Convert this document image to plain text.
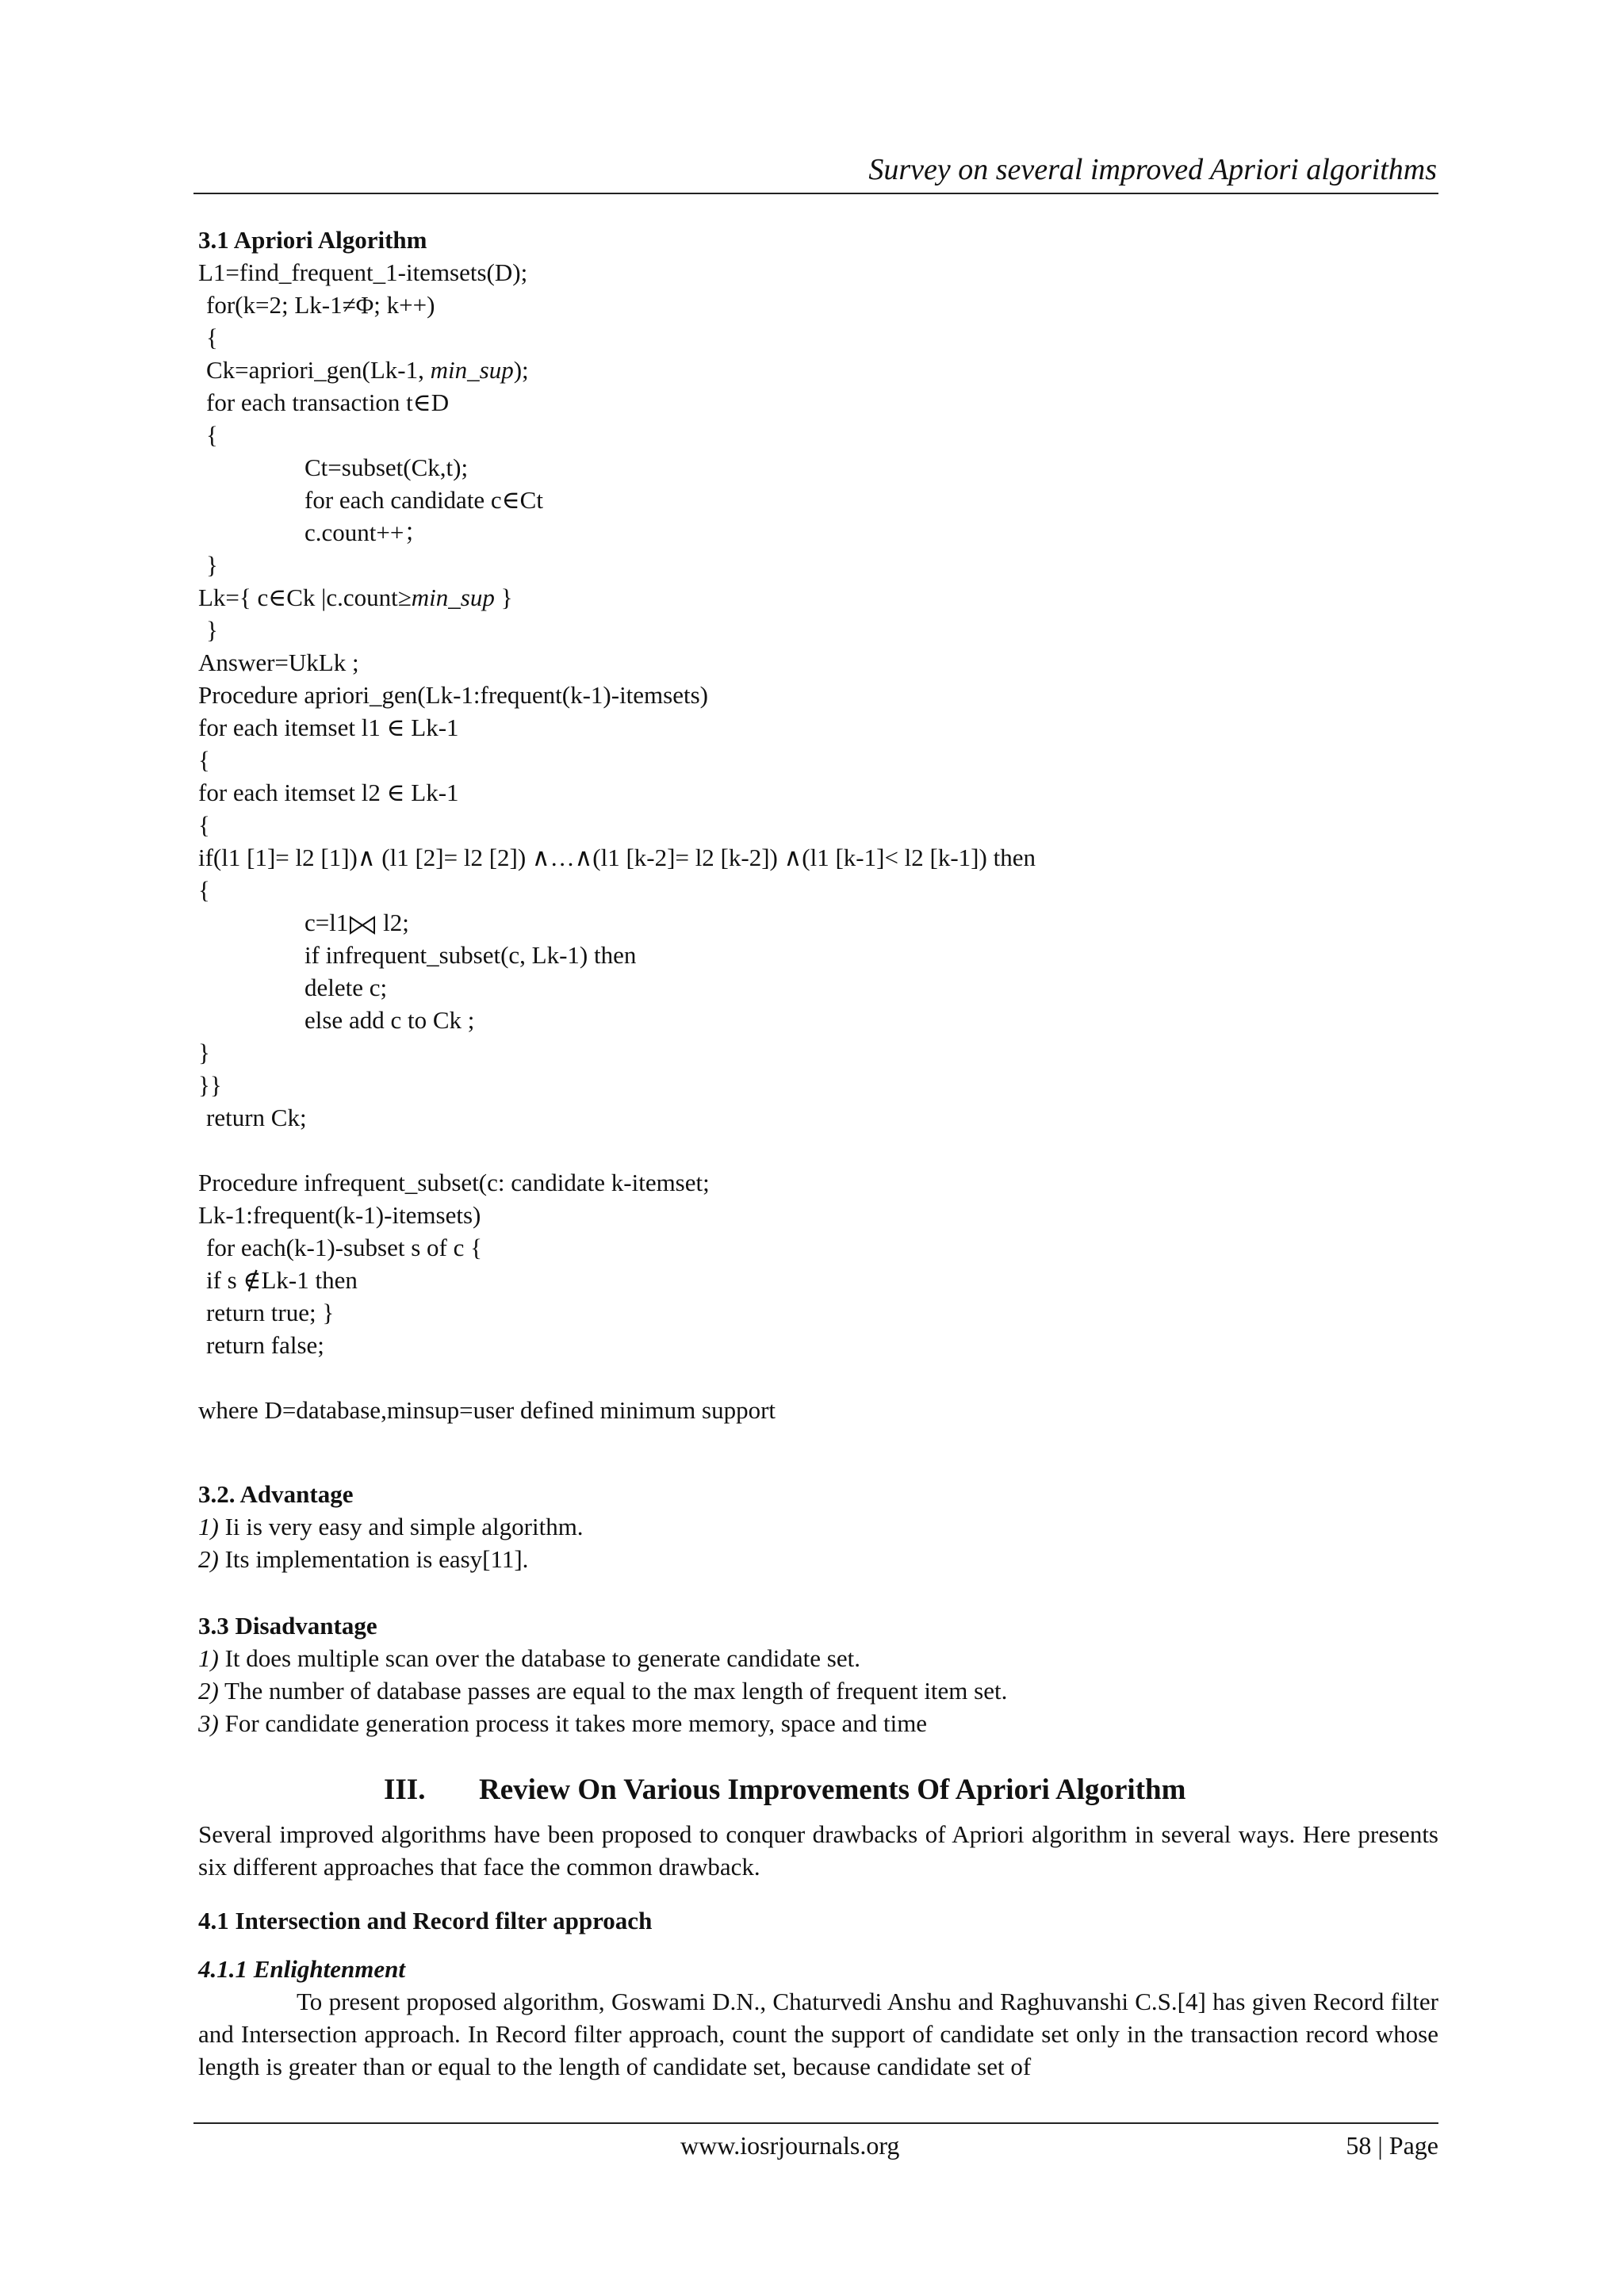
Survey on several improved Apriori algorithms
3.1 Apriori Algorithm
L1=find_frequent_1-itemsets(D);
for(k=2; Lk-1≠Φ; k++)
{
Ck=apriori_gen(Lk-1, min_sup);
for each transaction t∈D
{
Ct=subset(Ck,t);
for each candidate c∈Ct
c.count++；
}
Lk={ c∈Ck |c.count≥min_sup }
}
Answer=UkLk ;
Procedure apriori_gen(Lk-1:frequent(k-1)-itemsets)
for each itemset l1 ∈ Lk-1
{
for each itemset l2 ∈ Lk-1
{
if(l1 [1]= l2 [1])∧ (l1 [2]= l2 [2]) ∧…∧(l1 [k-2]= l2 [k-2]) ∧(l1 [k-1]< l2 [k-1]) then
{
c=l1 l2;
if infrequent_subset(c, Lk-1) then
delete c;
else add c to Ck ;
}
}}
return Ck;
Procedure infrequent_subset(c: candidate k-itemset;
Lk-1:frequent(k-1)-itemsets)
for each(k-1)-subset s of c {
if s ∉Lk-1 then
return true; }
return false;
where D=database,minsup=user defined minimum support
3.2. Advantage
1) Ii is very easy and simple algorithm.
2) Its implementation is easy[11].
3.3 Disadvantage
1) It does multiple scan over the database to generate candidate set.
2) The number of database passes are equal to the max length of frequent item set.
3) For candidate generation process it takes more memory, space and time
III. Review On Various Improvements Of Apriori Algorithm
Several improved algorithms have been proposed to conquer drawbacks of Apriori algorithm in several ways. Here presents six different approaches that face the common drawback.
4.1 Intersection and Record filter approach
4.1.1 Enlightenment
To present proposed algorithm, Goswami D.N., Chaturvedi Anshu and Raghuvanshi C.S.[4] has given Record filter and Intersection approach. In Record filter approach, count the support of candidate set only in the transaction record whose length is greater than or equal to the length of candidate set, because candidate set of
www.iosrjournals.org	58 | Page
